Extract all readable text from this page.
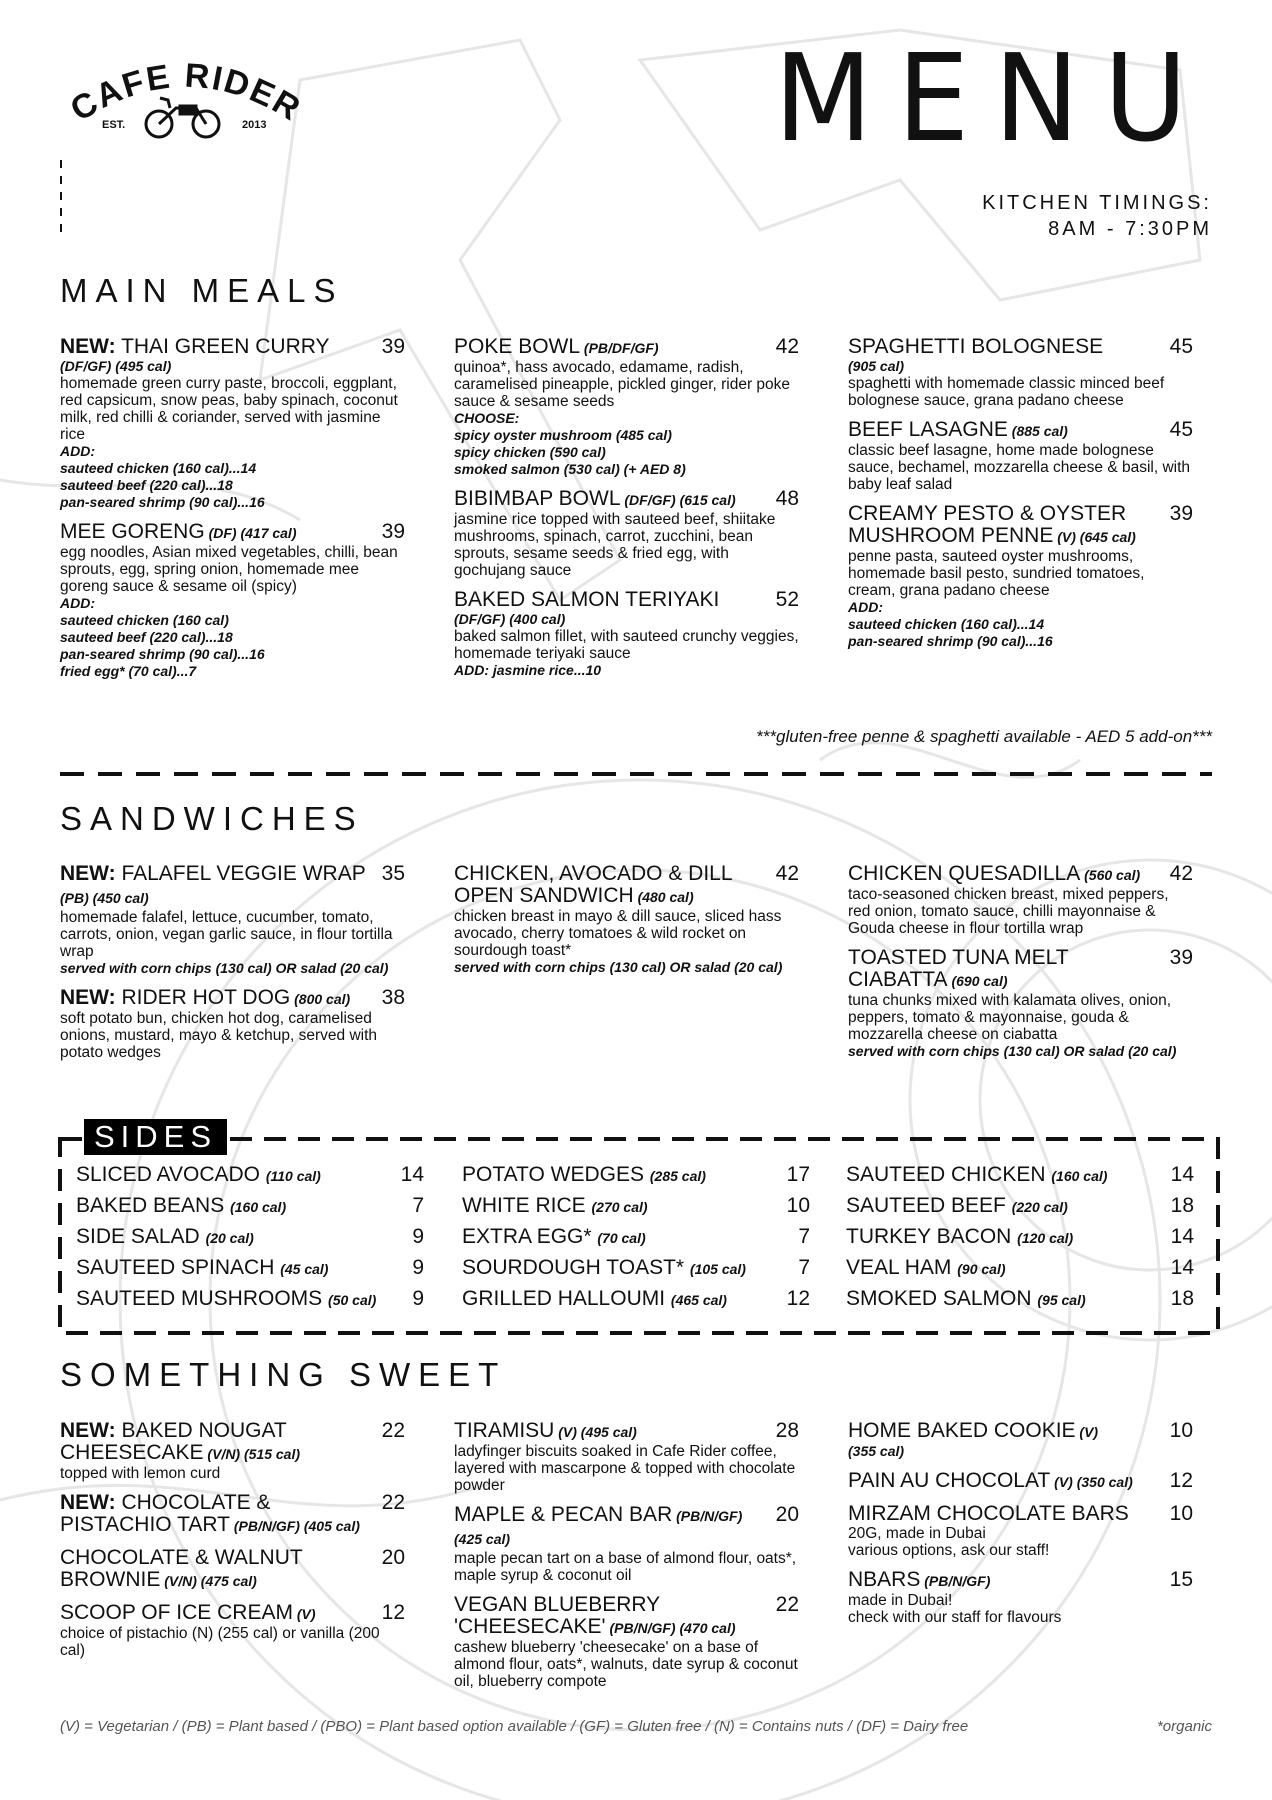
CAFE RIDER
EST.	2013	MENU
KITCHEN TIMINGS:
8AM - 7:30PM
MAIN MEALS
NEW: THAI GREEN CURRY	39
(DF/GF) (495 cal)
homemade green curry paste, broccoli, eggplant, red capsicum, snow peas, baby spinach, coconut milk, red chilli & coriander, served with jasmine rice
ADD:
sauteed chicken (160 cal)...14
sauteed beef (220 cal)...18
pan-seared shrimp (90 cal)...16
MEE GORENG (DF) (417 cal)	39
egg noodles, Asian mixed vegetables, chilli, bean sprouts, egg, spring onion, homemade mee goreng sauce & sesame oil (spicy)
ADD:
sauteed chicken (160 cal)
sauteed beef (220 cal)...18
pan-seared shrimp (90 cal)...16
fried egg* (70 cal)...7
POKE BOWL (PB/DF/GF)	42
quinoa*, hass avocado, edamame, radish, caramelised pineapple, pickled ginger, rider poke sauce & sesame seeds
CHOOSE:
spicy oyster mushroom (485 cal)
spicy chicken (590 cal)
smoked salmon (530 cal) (+ AED 8)
BIBIMBAP BOWL (DF/GF) (615 cal)	48
jasmine rice topped with sauteed beef, shiitake mushrooms, spinach, carrot, zucchini, bean sprouts, sesame seeds & fried egg, with gochujang sauce
BAKED SALMON TERIYAKI	52
(DF/GF) (400 cal)
baked salmon fillet, with sauteed crunchy veggies, homemade teriyaki sauce
ADD: jasmine rice...10
SPAGHETTI BOLOGNESE	45
(905 cal)
spaghetti with homemade classic minced beef bolognese sauce, grana padano cheese
BEEF LASAGNE (885 cal)	45
classic beef lasagne, home made bolognese sauce, bechamel, mozzarella cheese & basil, with baby leaf salad
CREAMY PESTO & OYSTER MUSHROOM PENNE (V) (645 cal)
39
penne pasta, sauteed oyster mushrooms, homemade basil pesto, sundried tomatoes, cream, grana padano cheese
ADD:
sauteed chicken (160 cal)...14
pan-seared shrimp (90 cal)...16
***gluten-free penne & spaghetti available - AED 5 add-on***
SANDWICHES
NEW: FALAFEL VEGGIE WRAP (PB) (450 cal)
35
homemade falafel, lettuce, cucumber, tomato, carrots, onion, vegan garlic sauce, in flour tortilla wrap
served with corn chips (130 cal) OR salad (20 cal)
NEW: RIDER HOT DOG (800 cal)	38
soft potato bun, chicken hot dog, caramelised onions, mustard, mayo & ketchup, served with potato wedges
CHICKEN, AVOCADO & DILL OPEN SANDWICH (480 cal)
42
chicken breast in mayo & dill sauce, sliced hass avocado, cherry tomatoes & wild rocket on sourdough toast*
served with corn chips (130 cal) OR salad (20 cal)
CHICKEN QUESADILLA (560 cal)	42
taco-seasoned chicken breast, mixed peppers, red onion, tomato sauce, chilli mayonnaise & Gouda cheese in flour tortilla wrap
TOASTED TUNA MELT CIABATTA (690 cal)
39
tuna chunks mixed with kalamata olives, onion, peppers, tomato & mayonnaise, gouda & mozzarella cheese on ciabatta
served with corn chips (130 cal) OR salad (20 cal)
SIDES
SLICED AVOCADO (110 cal)	14
BAKED BEANS (160 cal)	7
SIDE SALAD (20 cal)	9
SAUTEED SPINACH (45 cal)	9
SAUTEED MUSHROOMS (50 cal) 9
POTATO WEDGES (285 cal)	17
WHITE RICE (270 cal)	10
EXTRA EGG* (70 cal)	7
SOURDOUGH TOAST* (105 cal) 7
GRILLED HALLOUMI (465 cal)	12
SAUTEED CHICKEN (160 cal)	14
SAUTEED BEEF (220 cal)	18
TURKEY BACON (120 cal)	14
VEAL HAM (90 cal)	14
SMOKED SALMON (95 cal)	18
SOMETHING SWEET
NEW: BAKED NOUGAT CHEESECAKE (V/N) (515 cal)
22
topped with lemon curd
NEW: CHOCOLATE & PISTACHIO TART (PB/N/GF) (405 cal)
22
CHOCOLATE & WALNUT BROWNIE (V/N) (475 cal)
20
SCOOP OF ICE CREAM (V)	12
choice of pistachio (N) (255 cal) or vanilla (200 cal)
TIRAMISU (V) (495 cal)	28
ladyfinger biscuits soaked in Cafe Rider coffee, layered with mascarpone & topped with chocolate powder
MAPLE & PECAN BAR (PB/N/GF) (425 cal)
20
maple pecan tart on a base of almond flour, oats*, maple syrup & coconut oil
VEGAN BLUEBERRY 'CHEESECAKE' (PB/N/GF) (470 cal)
22
cashew blueberry 'cheesecake' on a base of almond flour, oats*, walnuts, date syrup & coconut oil, blueberry compote
HOME BAKED COOKIE (V)	10
(355 cal)
PAIN AU CHOCOLAT (V) (350 cal)	12
MIRZAM CHOCOLATE BARS	10
20G, made in Dubai
various options, ask our staff!
NBARS (PB/N/GF)	15
made in Dubai!
check with our staff for flavours
(V) = Vegetarian / (PB) = Plant based / (PBO) = Plant based option available / (GF) = Gluten free / (N) = Contains nuts / (DF) = Dairy free	*organic
